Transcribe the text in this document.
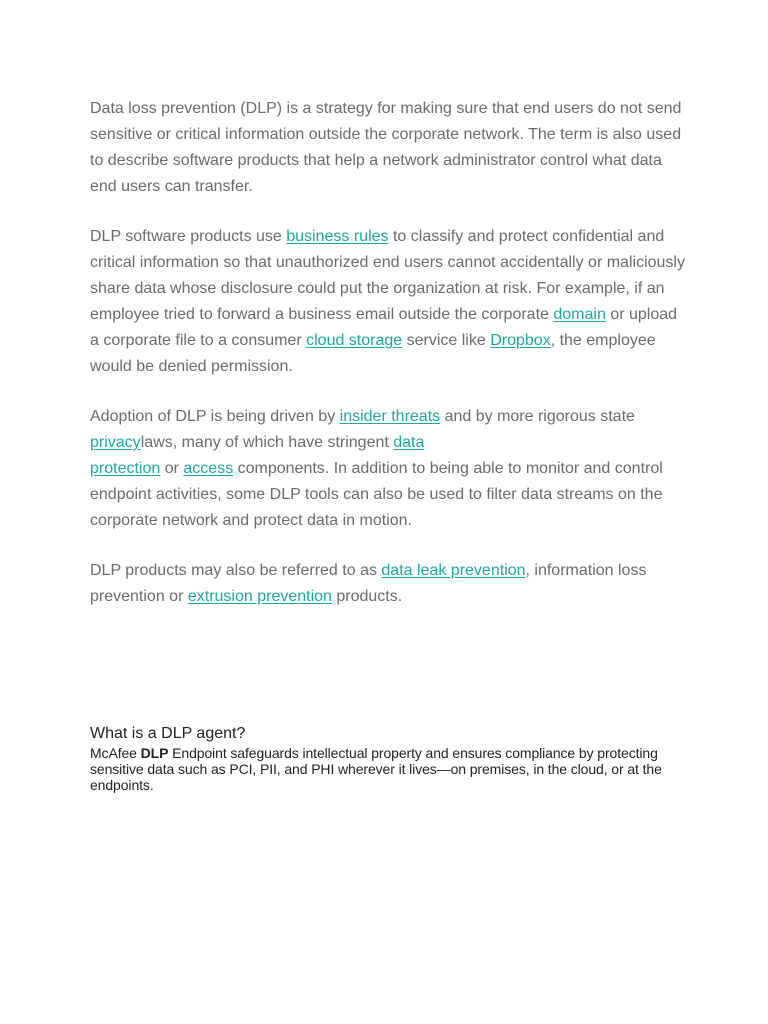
Data loss prevention (DLP) is a strategy for making sure that end users do not send sensitive or critical information outside the corporate network. The term is also used to describe software products that help a network administrator control what data end users can transfer.

DLP software products use business rules to classify and protect confidential and critical information so that unauthorized end users cannot accidentally or maliciously share data whose disclosure could put the organization at risk. For example, if an employee tried to forward a business email outside the corporate domain or upload a corporate file to a consumer cloud storage service like Dropbox, the employee would be denied permission.

Adoption of DLP is being driven by insider threats and by more rigorous state privacylaws, many of which have stringent data
protection or access components. In addition to being able to monitor and control endpoint activities, some DLP tools can also be used to filter data streams on the corporate network and protect data in motion.

DLP products may also be referred to as data leak prevention, information loss prevention or extrusion prevention products.

What is a DLP agent?

McAfee DLP Endpoint safeguards intellectual property and ensures compliance by protecting sensitive data such as PCI, PII, and PHI wherever it lives—on premises, in the cloud, or at the endpoints.
